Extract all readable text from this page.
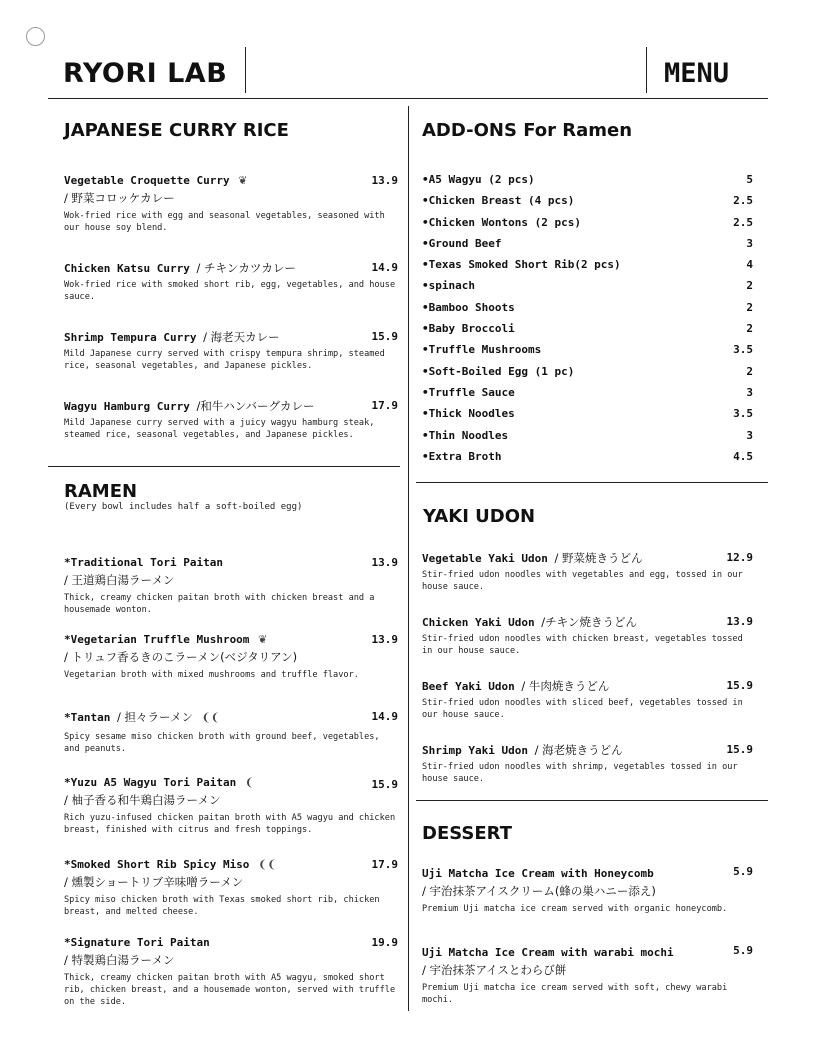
RYORI LAB	MENU
JAPANESE CURRY RICE
Vegetable Croquette Curry ❦	13.9
/ 野菜コロッケカレー
Wok-fried rice with egg and seasonal vegetables, seasoned with our house soy blend.
Chicken Katsu Curry / チキンカツカレー	14.9
Wok-fried rice with smoked short rib, egg, vegetables, and house sauce.
Shrimp Tempura Curry / 海老天カレー	15.9
Mild Japanese curry served with crispy tempura shrimp, steamed rice, seasonal vegetables, and Japanese pickles.
Wagyu Hamburg Curry /和牛ハンバーグカレー	17.9
Mild Japanese curry served with a juicy wagyu hamburg steak, steamed rice, seasonal vegetables, and Japanese pickles.
RAMEN
(Every bowl includes half a soft-boiled egg)
*Traditional Tori Paitan	13.9
/ 王道鶏白湯ラーメン
Thick, creamy chicken paitan broth with chicken breast and a housemade wonton.
*Vegetarian Truffle Mushroom ❦	13.9
/ トリュフ香るきのこラーメン(ベジタリアン)
Vegetarian broth with mixed mushrooms and truffle flavor.
*Tantan / 担々ラーメン ❨❨	14.9
Spicy sesame miso chicken broth with ground beef, vegetables, and peanuts.
*Yuzu A5 Wagyu Tori Paitan ❨	15.9
/ 柚子香る和牛鶏白湯ラーメン
Rich yuzu-infused chicken paitan broth with A5 wagyu and chicken breast, finished with citrus and fresh toppings.
*Smoked Short Rib Spicy Miso ❨❨	17.9
/ 燻製ショートリブ辛味噌ラーメン
Spicy miso chicken broth with Texas smoked short rib, chicken breast, and melted cheese.
*Signature Tori Paitan	19.9
/ 特製鶏白湯ラーメン
Thick, creamy chicken paitan broth with A5 wagyu, smoked short rib, chicken breast, and a housemade wonton, served with truffle on the side.
ADD-ONS For Ramen
•A5 Wagyu (2 pcs)	5
•Chicken Breast (4 pcs)	2.5
•Chicken Wontons (2 pcs)	2.5
•Ground Beef	3
•Texas Smoked Short Rib(2 pcs)	4
•spinach	2
•Bamboo Shoots	2
•Baby Broccoli	2
•Truffle Mushrooms	3.5
•Soft-Boiled Egg (1 pc)	2
•Truffle Sauce	3
•Thick Noodles	3.5
•Thin Noodles	3
•Extra Broth	4.5
YAKI UDON
Vegetable Yaki Udon / 野菜焼きうどん	12.9
Stir-fried udon noodles with vegetables and egg, tossed in our house sauce.
Chicken Yaki Udon /チキン焼きうどん	13.9
Stir-fried udon noodles with chicken breast, vegetables tossed in our house sauce.
Beef Yaki Udon / 牛肉焼きうどん	15.9
Stir-fried udon noodles with sliced beef, vegetables tossed in our house sauce.
Shrimp Yaki Udon / 海老焼きうどん	15.9
Stir-fried udon noodles with shrimp, vegetables tossed in our house sauce.
DESSERT
Uji Matcha Ice Cream with Honeycomb	5.9
/ 宇治抹茶アイスクリーム(蜂の巣ハニー添え)
Premium Uji matcha ice cream served with organic honeycomb.
Uji Matcha Ice Cream with warabi mochi	5.9
/ 宇治抹茶アイスとわらび餅
Premium Uji matcha ice cream served with soft, chewy warabi mochi.
